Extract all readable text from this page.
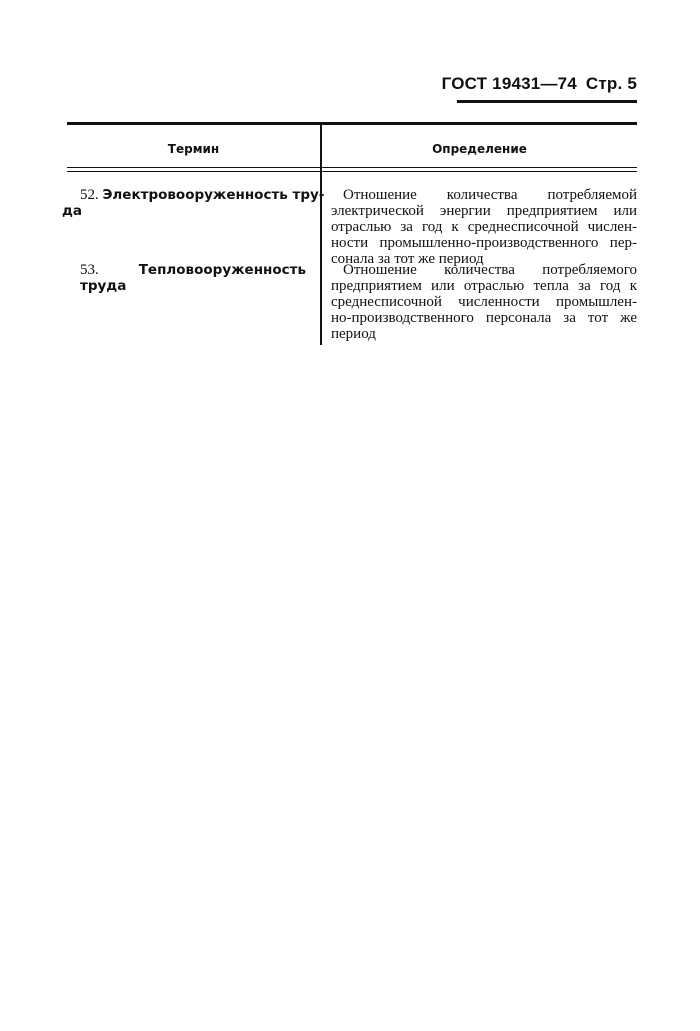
ГОСТ 19431—74 Стр. 5
Термин	Определение
52. Электровооруженность тру-
да
Отношение количества потребляемой
электрической энергии предприятием или
отраслью за год к среднесписочной числен-
ности промышленно-производственного пер-
сонала за тот же период
53.	Тепловооруженность труда
Отношение количества потребляемого
предприятием или отраслью тепла за год к
среднесписочной численности промышлен-
но-производственного персонала за тот же
период
